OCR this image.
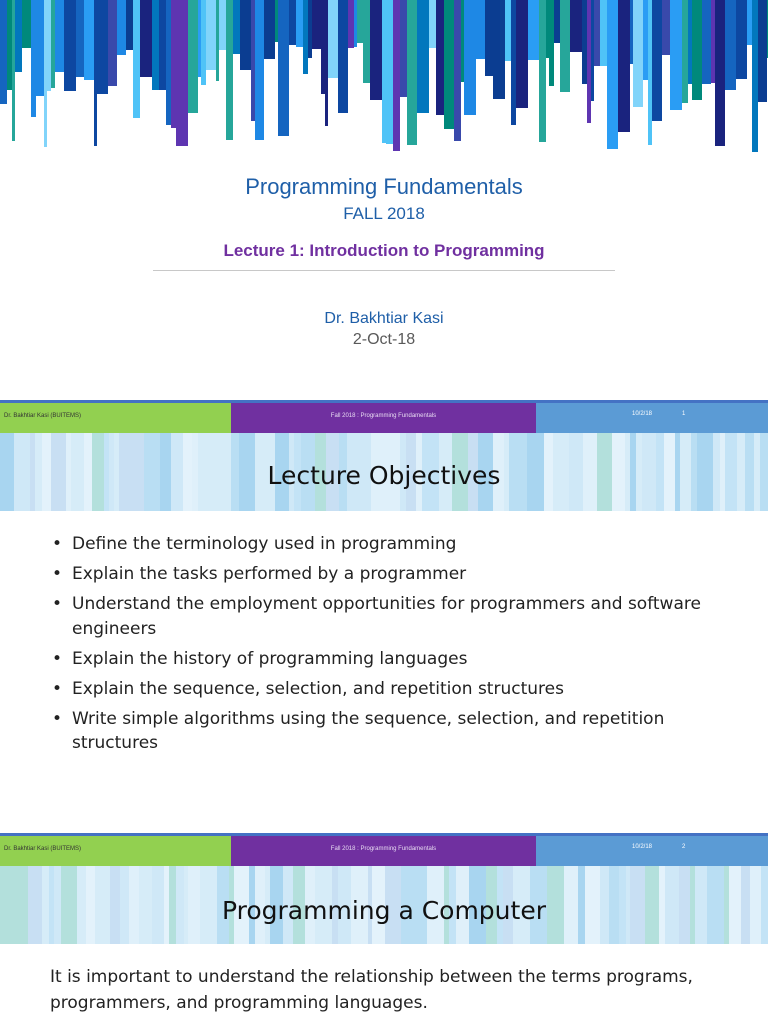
Programming Fundamentals
FALL 2018
Lecture 1: Introduction to Programming
Dr. Bakhtiar Kasi
2-Oct-18
Dr. Bakhtiar Kasi (BUITEMS)	Fall 2018 : Programming Fundamentals	10/2/18	1
Lecture Objectives
• Define the terminology used in programming
• Explain the tasks performed by a programmer
• Understand the employment opportunities for programmers and software engineers
• Explain the history of programming languages
• Explain the sequence, selection, and repetition structures
• Write simple algorithms using the sequence, selection, and repetition structures
Dr. Bakhtiar Kasi (BUITEMS)	Fall 2018 : Programming Fundamentals	10/2/18	2
Programming a Computer
It is important to understand the relationship between the terms programs, programmers, and programming languages.
